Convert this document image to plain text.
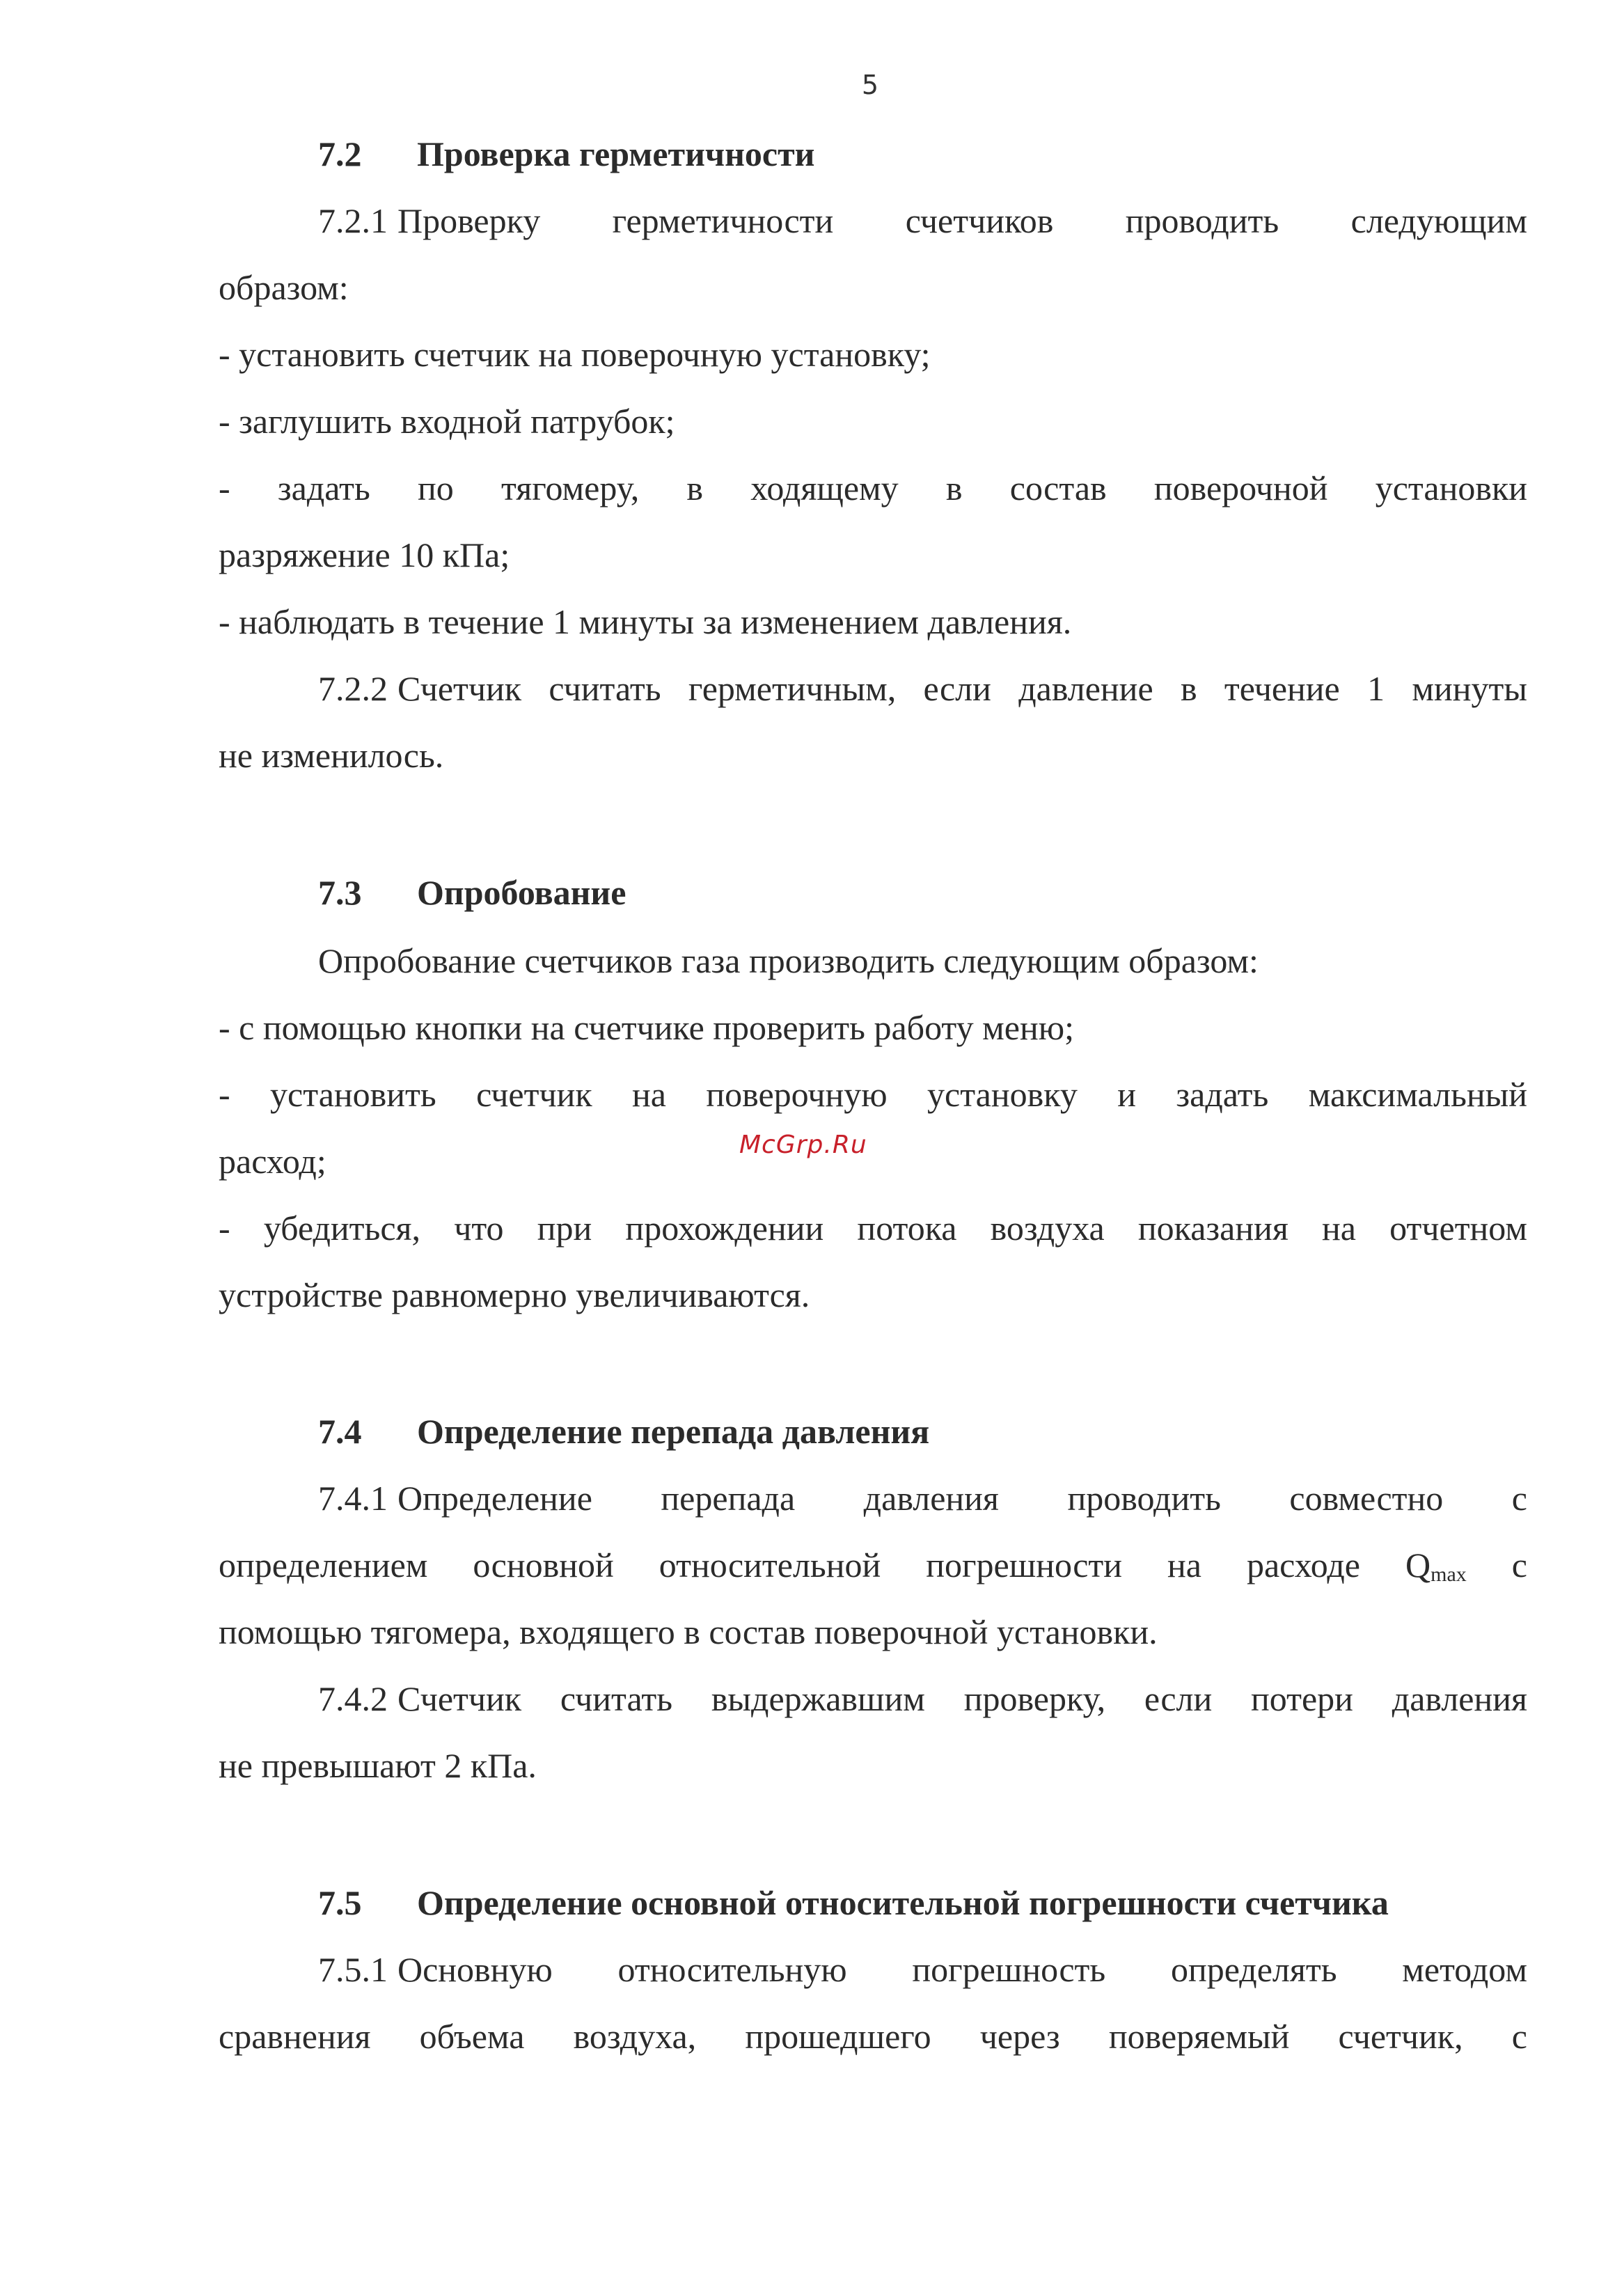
5
7.2 Проверка герметичности
7.2.1 Проверку герметичности счетчиков проводить следующим
образом:
- установить счетчик на поверочную установку;
- заглушить входной патрубок;
- задать по тягомеру, в ходящему в состав поверочной установки
разряжение 10 кПа;
- наблюдать в течение 1 минуты за изменением давления.
7.2.2 Счетчик считать герметичным, если давление в течение 1 минуты
не изменилось.
7.3 Опробование
Опробование счетчиков газа производить следующим образом:
- с помощью кнопки на счетчике проверить работу меню;
- установить счетчик на поверочную установку и задать максимальный
расход;
- убедиться, что при прохождении потока воздуха показания на отчетном
устройстве равномерно увеличиваются.
7.4 Определение перепада давления
7.4.1 Определение перепада давления проводить совместно с
определением основной относительной погрешности на расходе $Q_{max}$ с
помощью тягомера, входящего в состав поверочной установки.
7.4.2 Счетчик считать выдержавшим проверку, если потери давления
не превышают 2 кПа.
7.5 Определение основной относительной погрешности счетчика
7.5.1 Основную относительную погрешность определять методом
сравнения объема воздуха, прошедшего через поверяемый счетчик, с
McGrp.Ru
